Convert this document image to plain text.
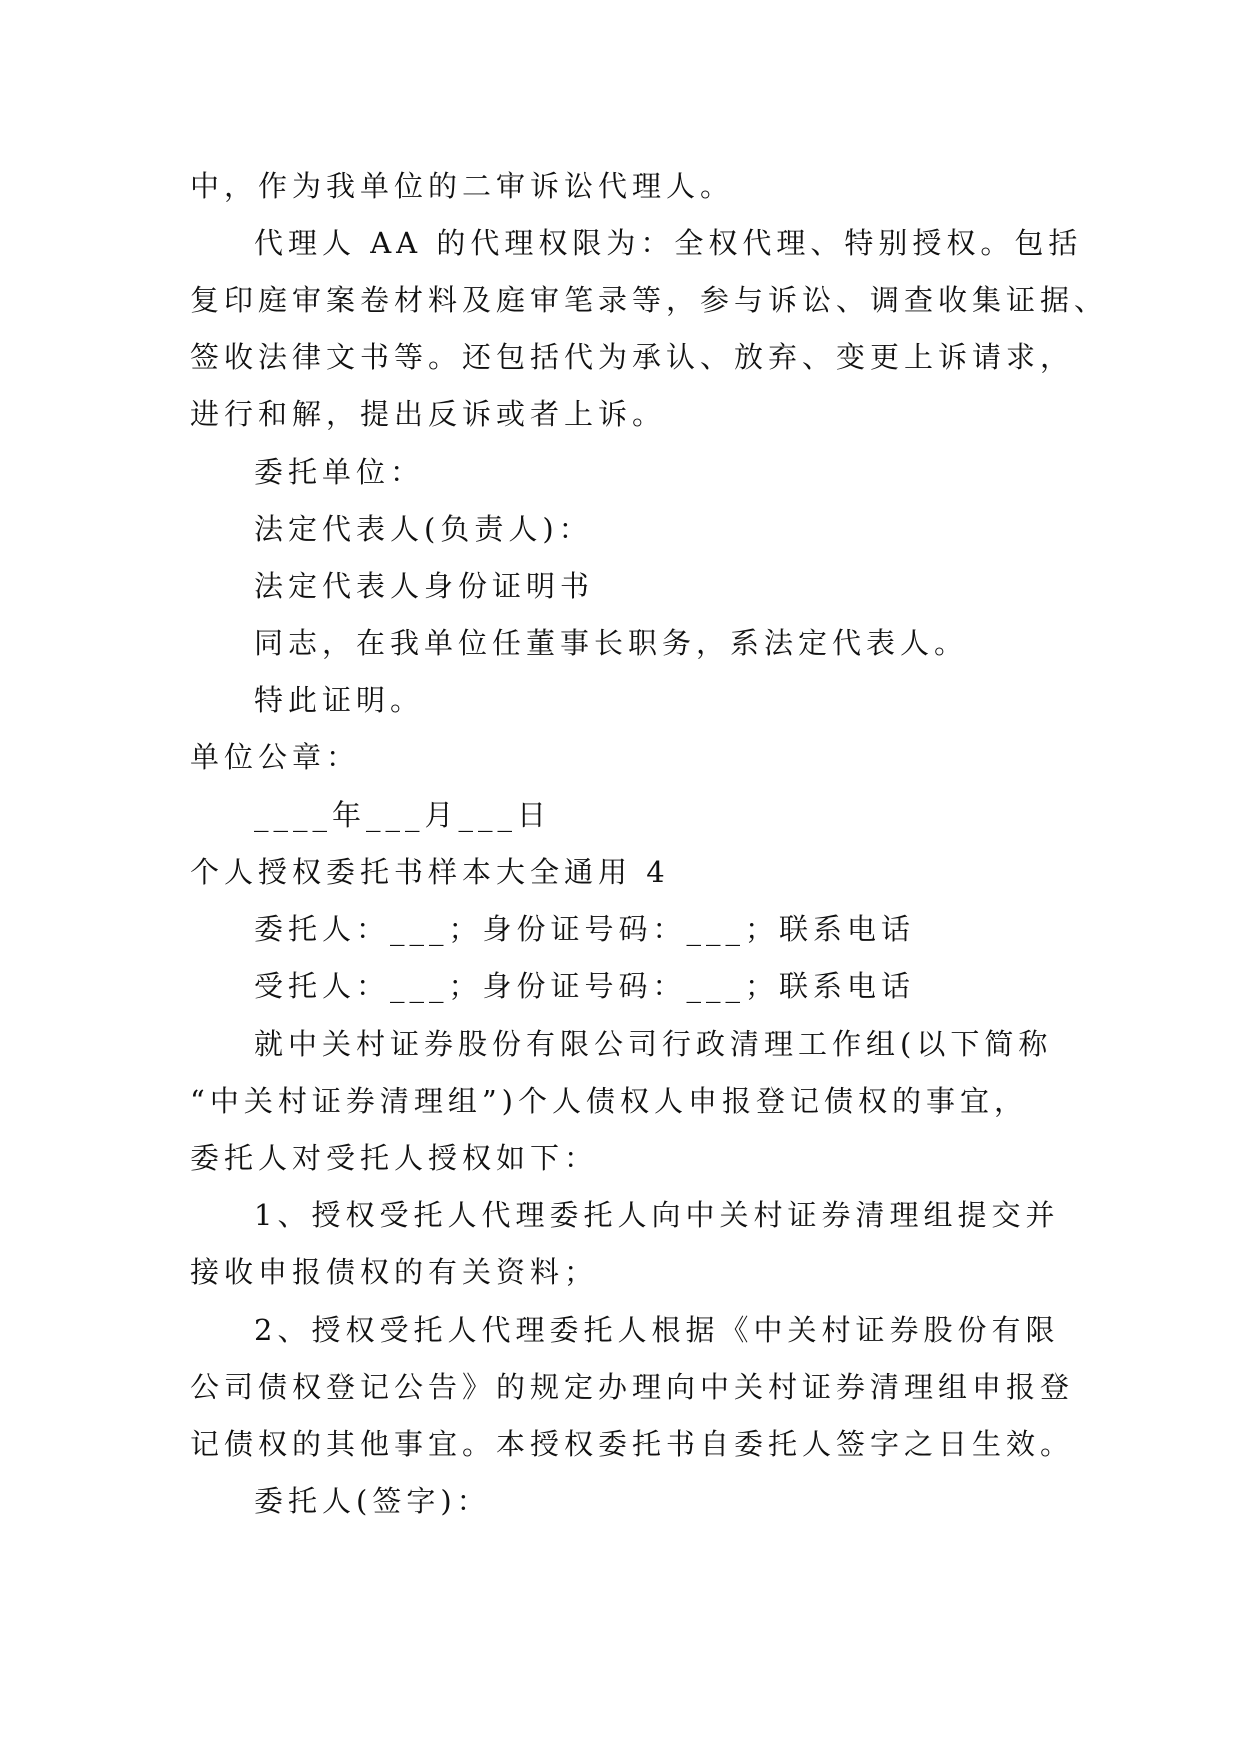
中，作为我单位的二审诉讼代理人。
代理人 AA 的代理权限为：全权代理、特别授权。包括
复印庭审案卷材料及庭审笔录等，参与诉讼、调查收集证据、
签收法律文书等。还包括代为承认、放弃、变更上诉请求，
进行和解，提出反诉或者上诉。
委托单位：
法定代表人(负责人)：
法定代表人身份证明书
同志，在我单位任董事长职务，系法定代表人。
特此证明。
单位公章：
____年___月___日
个人授权委托书样本大全通用 4
委托人：___；身份证号码：___；联系电话
受托人：___；身份证号码：___；联系电话
就中关村证券股份有限公司行政清理工作组(以下简称
“中关村证券清理组”)个人债权人申报登记债权的事宜，
委托人对受托人授权如下：
1、授权受托人代理委托人向中关村证券清理组提交并
接收申报债权的有关资料；
2、授权受托人代理委托人根据《中关村证券股份有限
公司债权登记公告》的规定办理向中关村证券清理组申报登
记债权的其他事宜。本授权委托书自委托人签字之日生效。
委托人(签字)：
